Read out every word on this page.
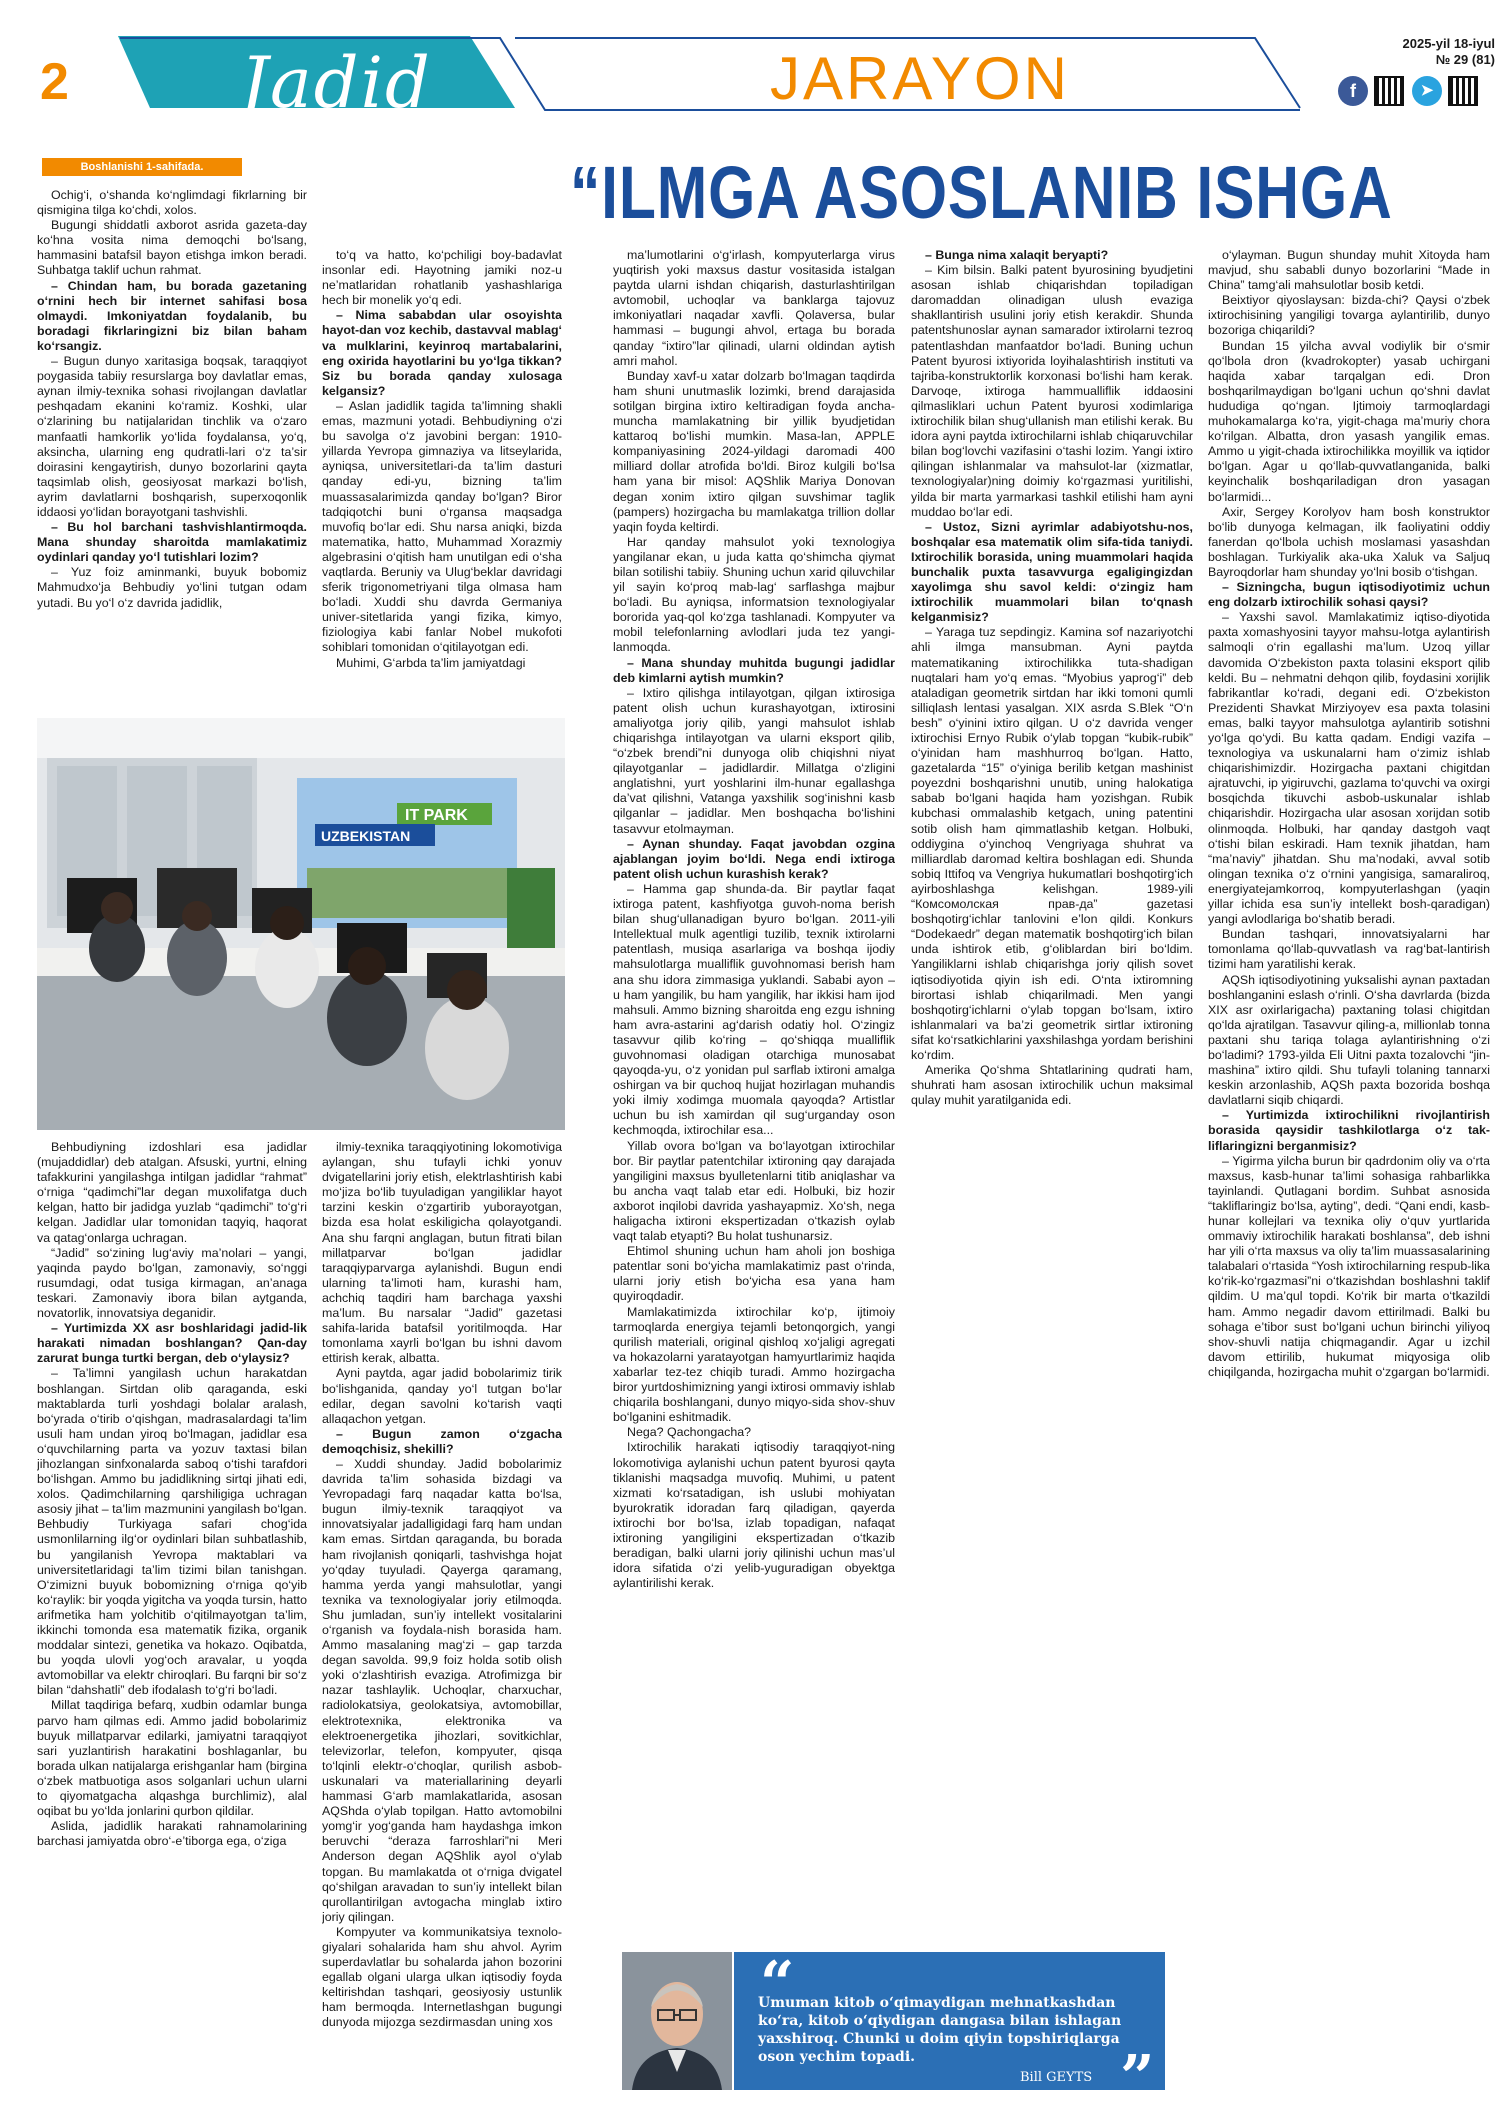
2 Jadid	JARAYON
2025-yil 18-iyul
№ 29 (81)
f	➤
Boshlanishi 1-sahifada.	“ILMGA ASOSLANIB ISHGA

Ochig‘i, o‘shanda ko‘nglimdagi fikrlarning bir qismigina tilga ko‘chdi, xolos.

Bugungi shiddatli axborot asrida gazeta-day ko‘hna vosita nima demoqchi bo‘lsang, hammasini batafsil bayon etishga imkon beradi. Suhbatga taklif uchun rahmat.

– Chindan ham, bu borada gazetaning o‘rnini hech bir internet sahifasi bosa olmaydi. Imkoniyatdan foydalanib, bu boradagi fikrlaringizni biz bilan baham ko‘rsangiz.

– Bugun dunyo xaritasiga boqsak, taraqqiyot poygasida tabiiy resurslarga boy davlatlar emas, aynan ilmiy-texnika sohasi rivojlangan davlatlar peshqadam ekanini ko‘ramiz. Koshki, ular o‘zlarining bu natijalaridan tinchlik va o‘zaro manfaatli hamkorlik yo‘lida foydalansa, yo‘q, aksincha, ularning eng qudratli-lari o‘z ta’sir doirasini kengaytirish, dunyo bozorlarini qayta taqsimlab olish, geosiyosat markazi bo‘lish, ayrim davlatlarni boshqarish, superxoqonlik iddaosi yo‘lidan borayotgani tashvishli.

– Bu hol barchani tashvishlantirmoqda. Mana shunday sharoitda mamlakatimiz oydinlari qanday yo‘l tutishlari lozim?

– Yuz foiz aminmanki, buyuk bobomiz Mahmudxo‘ja Behbudiy yo‘lini tutgan odam yutadi. Bu yo‘l o‘z davrida jadidlik,

to‘q va hatto, ko‘pchiligi boy-badavlat insonlar edi. Hayotning jamiki noz-u ne’matlaridan rohatlanib yashashlariga hech bir monelik yo‘q edi.

– Nima sababdan ular osoyishta hayot-dan voz kechib, dastavval mablag‘ va mulklarini, keyinroq martabalarini, eng oxirida hayotlarini bu yo‘lga tikkan? Siz bu borada qanday xulosaga kelgansiz?

– Aslan jadidlik tagida ta’limning shakli emas, mazmuni yotadi. Behbudiyning o‘zi bu savolga o‘z javobini bergan: 1910-yillarda Yevropa gimnaziya va litseylarida, ayniqsa, universitetlari-da ta’lim dasturi qanday edi-yu, bizning ta’lim muassasalarimizda qanday bo‘lgan? Biror tadqiqotchi buni o‘rgansa maqsadga muvofiq bo‘lar edi. Shu narsa aniqki, bizda matematika, hatto, Muhammad Xorazmiy algebrasini o‘qitish ham unutilgan edi o‘sha vaqtlarda. Beruniy va Ulug‘beklar davridagi sferik trigonometriyani tilga olmasa ham bo‘ladi. Xuddi shu davrda Germaniya univer-sitetlarida yangi fizika, kimyo, fiziologiya kabi fanlar Nobel mukofoti sohiblari tomonidan o‘qitilayotgan edi.

Muhimi, G‘arbda ta’lim jamiyatdagi

ma’lumotlarini o‘g‘irlash, kompyuterlarga virus yuqtirish yoki maxsus dastur vositasida istalgan paytda ularni ishdan chiqarish, dasturlashtirilgan avtomobil, uchoqlar va banklarga tajovuz imkoniyatlari naqadar xavfli. Qolaversa, bular hammasi – bugungi ahvol, ertaga bu borada qanday “ixtiro”lar qilinadi, ularni oldindan aytish amri mahol.

Bunday xavf-u xatar dolzarb bo‘lmagan taqdirda ham shuni unutmaslik lozimki, brend darajasida sotilgan birgina ixtiro keltiradigan foyda ancha-muncha mamlakatning bir yillik byudjetidan kattaroq bo‘lishi mumkin. Masa-lan, APPLE kompaniyasining 2024-yildagi daromadi 400 milliard dollar atrofida bo‘ldi. Biroz kulgili bo‘lsa ham yana bir misol: AQShlik Mariya Donovan degan xonim ixtiro qilgan suvshimar taglik (pampers) hozirgacha bu mamlakatga trillion dollar yaqin foyda keltirdi.

Har qanday mahsulot yoki texnologiya yangilanar ekan, u juda katta qo‘shimcha qiymat bilan sotilishi tabiiy. Shuning uchun xarid qiluvchilar yil sayin ko‘proq mab-lag‘ sarflashga majbur bo‘ladi. Bu ayniqsa, informatsion texnologiyalar bororida yaq-qol ko‘zga tashlanadi. Kompyuter va mobil telefonlarning avlodlari juda tez yangi-lanmoqda.

– Mana shunday muhitda bugungi jadidlar deb kimlarni aytish mumkin?

– Ixtiro qilishga intilayotgan, qilgan ixtirosiga patent olish uchun kurashayotgan, ixtirosini amaliyotga joriy qilib, yangi mahsulot ishlab chiqarishga intilayotgan va ularni eksport qilib, “o‘zbek brendi”ni dunyoga olib chiqishni niyat qilayotganlar – jadidlardir. Millatga o‘zligini anglatishni, yurt yoshlarini ilm-hunar egallashga da’vat qilishni, Vatanga yaxshilik sog‘inishni kasb qilganlar – jadidlar. Men boshqacha bo‘lishini tasavvur etolmayman.

– Aynan shunday. Faqat javobdan ozgina ajablangan joyim bo‘ldi. Nega endi ixtiroga patent olish uchun kurashish kerak?

– Hamma gap shunda-da. Bir paytlar faqat ixtiroga patent, kashfiyotga guvoh-noma berish bilan shug‘ullanadigan byuro bo‘lgan. 2011-yili Intellektual mulk agentligi tuzilib, texnik ixtirolarni patentlash, musiqa asarlariga va boshqa ijodiy mahsulotlarga mualliflik guvohnomasi berish ham ana shu idora zimmasiga yuklandi. Sababi ayon – u ham yangilik, bu ham yangilik, har ikkisi ham ijod mahsuli. Ammo bizning sharoitda eng ezgu ishning ham avra-astarini ag‘darish odatiy hol. O‘zingiz tasavvur qilib ko‘ring – qo‘shiqqa mualliflik guvohnomasi oladigan otarchiga munosabat qayoqda-yu, o‘z yonidan pul sarflab ixtironi amalga oshirgan va bir quchoq hujjat hozirlagan muhandis yoki ilmiy xodimga muomala qayoqda? Artistlar uchun bu ish xamirdan qil sug‘urganday oson kechmoqda, ixtirochilar esa...

Yillab ovora bo‘lgan va bo‘layotgan ixtirochilar bor. Bir paytlar patentchilar ixtironing qay darajada yangiligini maxsus byulletenlarni titib aniqlashar va bu ancha vaqt talab etar edi. Holbuki, biz hozir axborot inqilobi davrida yashayapmiz. Xo‘sh, nega haligacha ixtironi ekspertizadan o‘tkazish oylab vaqt talab etyapti? Bu holat tushunarsiz.

Ehtimol shuning uchun ham aholi jon boshiga patentlar soni bo‘yicha mamlakatimiz past o‘rinda, ularni joriy etish bo‘yicha esa yana ham quyiroqdadir.

Mamlakatimizda ixtirochilar ko‘p, ijtimoiy tarmoqlarda energiya tejamli betonqorgich, yangi qurilish materiali, original qishloq xo‘jaligi agregati va hokazolarni yaratayotgan hamyurtlarimiz haqida xabarlar tez-tez chiqib turadi. Ammo hozirgacha biror yurtdoshimizning yangi ixtirosi ommaviy ishlab chiqarila boshlangani, dunyo miqyo-sida shov-shuv bo‘lganini eshitmadik.

Nega? Qachongacha?

Ixtirochilik harakati iqtisodiy taraqqiyot-ning lokomotiviga aylanishi uchun patent byurosi qayta tiklanishi maqsadga muvofiq. Muhimi, u patent xizmati ko‘rsatadigan, ish uslubi mohiyatan byurokratik idoradan farq qiladigan, qayerda ixtirochi bor bo‘lsa, izlab topadigan, nafaqat ixtironing yangiligini ekspertizadan o‘tkazib beradigan, balki ularni joriy qilinishi uchun mas’ul idora sifatida o‘zi yelib-yuguradigan obyektga aylantirilishi kerak.

– Bunga nima xalaqit beryapti?

– Kim bilsin. Balki patent byurosining byudjetini asosan ishlab chiqarishdan topiladigan daromaddan olinadigan ulush evaziga shakllantirish usulini joriy etish kerakdir. Shunda patentshunoslar aynan samarador ixtirolarni tezroq patentlashdan manfaatdor bo‘ladi. Buning uchun Patent byurosi ixtiyorida loyihalashtirish instituti va tajriba-konstruktorlik korxonasi bo‘lishi ham kerak. Darvoqe, ixtiroga hammualliflik iddaosini qilmasliklari uchun Patent byurosi xodimlariga ixtirochilik bilan shug‘ullanish man etilishi kerak. Bu idora ayni paytda ixtirochilarni ishlab chiqaruvchilar bilan bog‘lovchi vazifasini o‘tashi lozim. Yangi ixtiro qilingan ishlanmalar va mahsulot-lar (xizmatlar, texnologiyalar)ning doimiy ko‘rgazmasi yuritilishi, yilda bir marta yarmarkasi tashkil etilishi ham ayni muddao bo‘lar edi.

– Ustoz, Sizni ayrimlar adabiyotshu-nos, boshqalar esa matematik olim sifa-tida taniydi. Ixtirochilik borasida, uning muammolari haqida bunchalik puxta tasavvurga egaligingizdan xayolimga shu savol keldi: o‘zingiz ham ixtirochilik muammolari bilan to‘qnash kelganmisiz?

– Yaraga tuz sepdingiz. Kamina sof nazariyotchi ahli ilmga mansubman. Ayni paytda matematikaning ixtirochilikka tuta-shadigan nuqtalari ham yo‘q emas. “Myobius yaprog‘i” deb ataladigan geometrik sirtdan har ikki tomoni qumli silliqlash lentasi yasalgan. XIX asrda S.Blek “O‘n besh” o‘yinini ixtiro qilgan. U o‘z davrida venger ixtirochisi Ernyo Rubik o‘ylab topgan “kubik-rubik” o‘yinidan ham mashhurroq bo‘lgan. Hatto, gazetalarda “15” o‘yiniga berilib ketgan mashinist poyezdni boshqarishni unutib, uning halokatiga sabab bo‘lgani haqida ham yozishgan. Rubik kubchasi ommalashib ketgach, uning patentini sotib olish ham qimmatlashib ketgan. Holbuki, oddiygina o‘yinchoq Vengriyaga shuhrat va milliardlab daromad keltira boshlagan edi. Shunda sobiq Ittifoq va Vengriya hukumatlari boshqotirg‘ich ayirboshlashga kelishgan. 1989-yili “Комсомолская прав-да” gazetasi boshqotirg‘ichlar tanlovini e’lon qildi. Konkurs “Dodekaedr” degan matematik boshqotirg‘ich bilan unda ishtirok etib, g‘oliblardan biri bo‘ldim. Yangiliklarni ishlab chiqarishga joriy qilish sovet iqtisodiyotida qiyin ish edi. O‘nta ixtiromning birortasi ishlab chiqarilmadi. Men yangi boshqotirg‘ichlarni o‘ylab topgan bo‘lsam, ixtiro ishlanmalari va ba’zi geometrik sirtlar ixtironing sifat ko‘rsatkichlarini yaxshilashga yordam berishini ko‘rdim.

Amerika Qo‘shma Shtatlarining qudrati ham, shuhrati ham asosan ixtirochilik uchun maksimal qulay muhit yaratilganida edi.

o‘ylayman. Bugun shunday muhit Xitoyda ham mavjud, shu sababli dunyo bozorlarini “Made in China” tamg‘ali mahsulotlar bosib ketdi.

Beixtiyor qiyoslaysan: bizda-chi? Qaysi o‘zbek ixtirochisining yangiligi tovarga aylantirilib, dunyo bozoriga chiqarildi?

Bundan 15 yilcha avval vodiylik bir o‘smir qo‘lbola dron (kvadrokopter) yasab uchirgani haqida xabar tarqalgan edi. Dron boshqarilmaydigan bo‘lgani uchun qo‘shni davlat hududiga qo‘ngan. Ijtimoiy tarmoqlardagi muhokamalarga ko‘ra, yigit-chaga ma’muriy chora ko‘rilgan. Albatta, dron yasash yangilik emas. Ammo u yigit-chada ixtirochilikka moyillik va iqtidor bo‘lgan. Agar u qo‘llab-quvvatlanganida, balki keyinchalik boshqariladigan dron yasagan bo‘larmidi...

Axir, Sergey Korolyov ham bosh konstruktor bo‘lib dunyoga kelmagan, ilk faoliyatini oddiy fanerdan qo‘lbola uchish moslamasi yasashdan boshlagan. Turkiyalik aka-uka Xaluk va Saljuq Bayroqdorlar ham shunday yo‘lni bosib o‘tishgan.

– Sizningcha, bugun iqtisodiyotimiz uchun eng dolzarb ixtirochilik sohasi qaysi?

– Yaxshi savol. Mamlakatimiz iqtiso-diyotida paxta xomashyosini tayyor mahsu-lotga aylantirish salmoqli o‘rin egallashi ma’lum. Uzoq yillar davomida O‘zbekiston paxta tolasini eksport qilib keldi. Bu – nehmatni dehqon qilib, foydasini xorijlik fabrikantlar ko‘radi, degani edi. O‘zbekiston Prezidenti Shavkat Mirziyoyev esa paxta tolasini emas, balki tayyor mahsulotga aylantirib sotishni yo‘lga qo‘ydi. Bu katta qadam. Endigi vazifa – texnologiya va uskunalarni ham o‘zimiz ishlab chiqarishimizdir. Hozirgacha paxtani chigitdan ajratuvchi, ip yigiruvchi, gazlama to‘quvchi va oxirgi bosqichda tikuvchi asbob-uskunalar ishlab chiqarishdir. Hozirgacha ular asosan xorijdan sotib olinmoqda. Holbuki, har qanday dastgoh vaqt o‘tishi bilan eskiradi. Ham texnik jihatdan, ham “ma’naviy” jihatdan. Shu ma’nodaki, avval sotib olingan texnika o‘z o‘rnini yangisiga, samaraliroq, energiyatejamkorroq, kompyuterlashgan (yaqin yillar ichida esa sun’iy intellekt bosh-qaradigan) yangi avlodlariga bo‘shatib beradi.

Bundan tashqari, innovatsiyalarni har tomonlama qo‘llab-quvvatlash va rag‘bat-lantirish tizimi ham yaratilishi kerak.

AQSh iqtisodiyotining yuksalishi aynan paxtadan boshlanganini eslash o‘rinli. O‘sha davrlarda (bizda XIX asr oxirlarigacha) paxtaning tolasi chigitdan qo‘lda ajratilgan. Tasavvur qiling-a, millionlab tonna paxtani shu tariqa tolaga aylantirishning o‘zi bo‘ladimi? 1793-yilda Eli Uitni paxta tozalovchi “jin-mashina” ixtiro qildi. Shu tufayli tolaning tannarxi keskin arzonlashib, AQSh paxta bozorida boshqa davlatlarni siqib chiqardi.

– Yurtimizda ixtirochilikni rivojlantirish borasida qaysidir tashkilotlarga o‘z tak-liflaringizni berganmisiz?

– Yigirma yilcha burun bir qadrdonim oliy va o‘rta maxsus, kasb-hunar ta’limi sohasiga rahbarlikka tayinlandi. Qutlagani bordim. Suhbat asnosida “takliflaringiz bo‘lsa, ayting”, dedi. “Qani endi, kasb-hunar kollejlari va texnika oliy o‘quv yurtlarida ommaviy ixtirochilik harakati boshlansa”, deb ishni har yili o‘rta maxsus va oliy ta’lim muassasalarining talabalari o‘rtasida “Yosh ixtirochilarning respub-lika ko‘rik-ko‘rgazmasi”ni o‘tkazishdan boshlashni taklif qildim. U ma’qul topdi. Ko‘rik bir marta o‘tkazildi ham. Ammo negadir davom ettirilmadi. Balki bu sohaga e’tibor sust bo‘lgani uchun birinchi yiliyoq shov-shuvli natija chiqmagandir. Agar u izchil davom ettirilib, hukumat miqyosiga olib chiqilganda, hozirgacha muhit o‘zgargan bo‘larmidi.

Behbudiyning izdoshlari esa jadidlar (mujaddidlar) deb atalgan. Afsuski, yurtni, elning tafakkurini yangilashga intilgan jadidlar “rahmat” o‘rniga “qadimchi”lar degan muxolifatga duch kelgan, hatto bir jadidga yuzlab “qadimchi” to‘g‘ri kelgan. Jadidlar ular tomonidan taqyiq, haqorat va qatag‘onlarga uchragan.

“Jadid” so‘zining lug‘aviy ma’nolari – yangi, yaqinda paydo bo‘lgan, zamonaviy, so‘nggi rusumdagi, odat tusiga kirmagan, an’anaga teskari. Zamonaviy ibora bilan aytganda, novatorlik, innovatsiya deganidir.

– Yurtimizda XX asr boshlaridagi jadid-lik harakati nimadan boshlangan? Qan-day zarurat bunga turtki bergan, deb o‘ylaysiz?

– Ta’limni yangilash uchun harakatdan boshlangan. Sirtdan olib qaraganda, eski maktablarda turli yoshdagi bolalar aralash, bo‘yrada o‘tirib o‘qishgan, madrasalardagi ta’lim usuli ham undan yiroq bo‘lmagan, jadidlar esa o‘quvchilarning parta va yozuv taxtasi bilan jihozlangan sinfxonalarda saboq o‘tishi tarafdori bo‘lishgan. Ammo bu jadidlikning sirtqi jihati edi, xolos. Qadimchilarning qarshiligiga uchragan asosiy jihat – ta’lim mazmunini yangilash bo‘lgan. Behbudiy Turkiyaga safari chog‘ida usmonlilarning ilg‘or oydinlari bilan suhbatlashib, bu yangilanish Yevropa maktablari va universitetlaridagi ta’lim tizimi bilan tanishgan. O‘zimizni buyuk bobomizning o‘rniga qo‘yib ko‘raylik: bir yoqda yigitcha va yoqda tursin, hatto arifmetika ham yolchitib o‘qitilmayotgan ta’lim, ikkinchi tomonda esa matematik fizika, organik moddalar sintezi, genetika va hokazo. Oqibatda, bu yoqda ulovli yog‘och aravalar, u yoqda avtomobillar va elektr chiroqlari. Bu farqni bir so‘z bilan “dahshatli” deb ifodalash to‘g‘ri bo‘ladi.

Millat taqdiriga befarq, xudbin odamlar bunga parvo ham qilmas edi. Ammo jadid bobolarimiz buyuk millatparvar edilarki, jamiyatni taraqqiyot sari yuzlantirish harakatini boshlaganlar, bu borada ulkan natijalarga erishganlar ham (birgina o‘zbek matbuotiga asos solganlari uchun ularni to qiyomatgacha alqashga burchlimiz), alal oqibat bu yo‘lda jonlarini qurbon qildilar.

Aslida, jadidlik harakati rahnamolarining barchasi jamiyatda obro‘-e’tiborga ega, o‘ziga

ilmiy-texnika taraqqiyotining lokomotiviga aylangan, shu tufayli ichki yonuv dvigatellarini joriy etish, elektrlashtirish kabi mo‘jiza bo‘lib tuyuladigan yangiliklar hayot tarzini keskin o‘zgartirib yuborayotgan, bizda esa holat eskiligicha qolayotgandi. Ana shu farqni anglagan, butun fitrati bilan millatparvar bo‘lgan jadidlar taraqqiyparvarga aylanishdi. Bugun endi ularning ta’limoti ham, kurashi ham, achchiq taqdiri ham barchaga yaxshi ma’lum. Bu narsalar “Jadid” gazetasi sahifa-larida batafsil yoritilmoqda. Har tomonlama xayrli bo‘lgan bu ishni davom ettirish kerak, albatta.

Ayni paytda, agar jadid bobolarimiz tirik bo‘lishganida, qanday yo‘l tutgan bo‘lar edilar, degan savolni ko‘tarish vaqti allaqachon yetgan.

– Bugun zamon o‘zgacha demoqchisiz, shekilli?

– Xuddi shunday. Jadid bobolarimiz davrida ta’lim sohasida bizdagi va Yevropadagi farq naqadar katta bo‘lsa, bugun ilmiy-texnik taraqqiyot va innovatsiyalar jadalligidagi farq ham undan kam emas. Sirtdan qaraganda, bu borada ham rivojlanish qoniqarli, tashvishga hojat yo‘qday tuyuladi. Qayerga qaramang, hamma yerda yangi mahsulotlar, yangi texnika va texnologiyalar joriy etilmoqda. Shu jumladan, sun’iy intellekt vositalarini o‘rganish va foydala-nish borasida ham. Ammo masalaning mag‘zi – gap tarzda degan savolda. 99,9 foiz holda sotib olish yoki o‘zlashtirish evaziga. Atrofimizga bir nazar tashlaylik. Uchoqlar, charxuchar, radiolokatsiya, geolokatsiya, avtomobillar, elektrotexnika, elektronika va elektroenergetika jihozlari, sovitkichlar, televizorlar, telefon, kompyuter, qisqa to‘lqinli elektr-o‘choqlar, qurilish asbob-uskunalari va materiallarining deyarli hammasi G‘arb mamlakatlarida, asosan AQShda o‘ylab topilgan. Hatto avtomobilni yomg‘ir yog‘ganda ham haydashga imkon beruvchi “deraza farroshlari”ni Meri Anderson degan AQShlik ayol o‘ylab topgan. Bu mamlakatda ot o‘rniga dvigatel qo‘shilgan aravadan to sun’iy intellekt bilan qurollantirilgan avtogacha minglab ixtiro joriy qilingan.

Kompyuter va kommunikatsiya texnolo-giyalari sohalarida ham shu ahvol. Ayrim superdavlatlar bu sohalarda jahon bozorini egallab olgani ularga ulkan iqtisodiy foyda keltirishdan tashqari, geosiyosiy ustunlik ham bermoqda. Internetlashgan bugungi dunyoda mijozga sezdirmasdan uning xos

IT PARK
UZBEKISTAN
“
Umuman kitob o‘qimaydigan mehnatkashdan ko‘ra, kitob o‘qiydigan dangasa bilan ishlagan yaxshiroq. Chunki u doim qiyin topshiriqlarga oson yechim topadi.
Bill GEYTS ”
